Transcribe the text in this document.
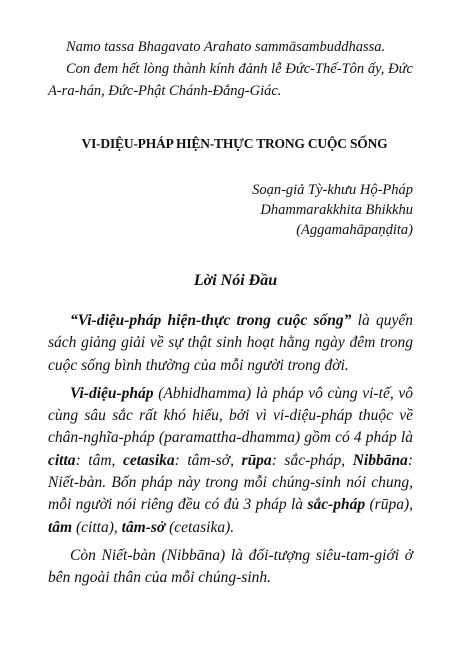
Namo tassa Bhagavato Arahato sammāsambuddhassa.

Con đem hết lòng thành kính đảnh lễ Đức-Thế-Tôn ấy, Đức A-ra-hán, Đức-Phật Chánh-Đẳng-Giác.

VI-DIỆU-PHÁP HIỆN-THỰC TRONG CUỘC SỐNG
Soạn-giả Tỳ-khưu Hộ-Pháp
Dhammarakkhita Bhikkhu
(Aggamahāpaṇḍita)
Lời Nói Đầu

“Vi-diệu-pháp hiện-thực trong cuộc sống” là quyển sách giảng giải về sự thật sinh hoạt hằng ngày đêm trong cuộc sống bình thường của mỗi người trong đời.

Vi-diệu-pháp (Abhidhamma) là pháp vô cùng vi-tế, vô cùng sâu sắc rất khó hiểu, bởi vì vi-diệu-pháp thuộc về chân-nghĩa-pháp (paramattha-dhamma) gồm có 4 pháp là citta: tâm, cetasika: tâm-sở, rūpa: sắc-pháp, Nibbāna: Niết-bàn. Bốn pháp này trong mỗi chúng-sinh nói chung, mỗi người nói riêng đều có đủ 3 pháp là sắc-pháp (rūpa), tâm (citta), tâm-sở (cetasika).

Còn Niết-bàn (Nibbāna) là đối-tượng siêu-tam-giới ở bên ngoài thân của mỗi chúng-sinh.
